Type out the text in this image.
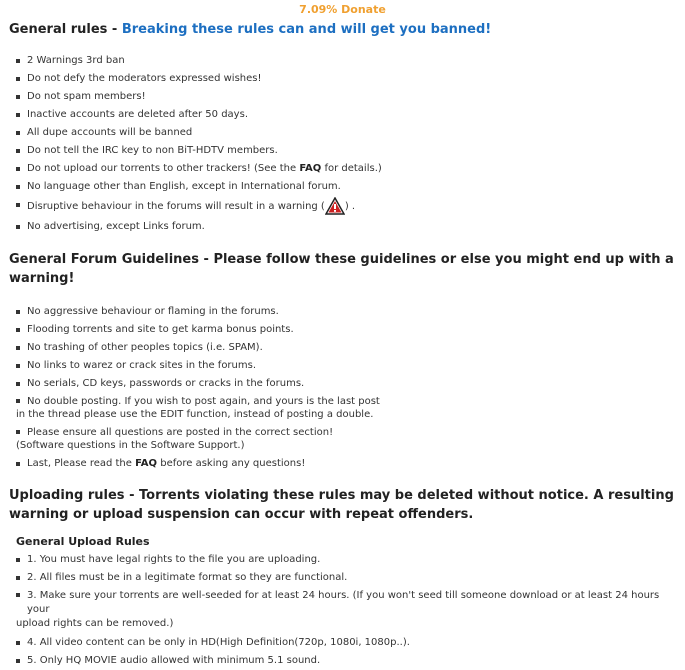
7.09% Donate
General rules - Breaking these rules can and will get you banned!
2 Warnings 3rd ban
Do not defy the moderators expressed wishes!
Do not spam members!
Inactive accounts are deleted after 50 days.
All dupe accounts will be banned
Do not tell the IRC key to non BiT-HDTV members.
Do not upload our torrents to other trackers! (See the FAQ for details.)
No language other than English, except in International forum.
Disruptive behaviour in the forums will result in a warning ( ) .
No advertising, except Links forum.
General Forum Guidelines - Please follow these guidelines or else you might end up with a warning!
No aggressive behaviour or flaming in the forums.
Flooding torrents and site to get karma bonus points.
No trashing of other peoples topics (i.e. SPAM).
No links to warez or crack sites in the forums.
No serials, CD keys, passwords or cracks in the forums.
No double posting. If you wish to post again, and yours is the last post
in the thread please use the EDIT function, instead of posting a double.
Please ensure all questions are posted in the correct section!
(Software questions in the Software Support.)
Last, Please read the FAQ before asking any questions!
Uploading rules - Torrents violating these rules may be deleted without notice. A resulting warning or upload suspension can occur with repeat offenders.
General Upload Rules
1. You must have legal rights to the file you are uploading.
2. All files must be in a legitimate format so they are functional.
3. Make sure your torrents are well-seeded for at least 24 hours. (If you won't seed till someone download or at least 24 hours your
upload rights can be removed.)
4. All video content can be only in HD(High Definition(720p, 1080i, 1080p..).
5. Only HQ MOVIE audio allowed with minimum 5.1 sound.
